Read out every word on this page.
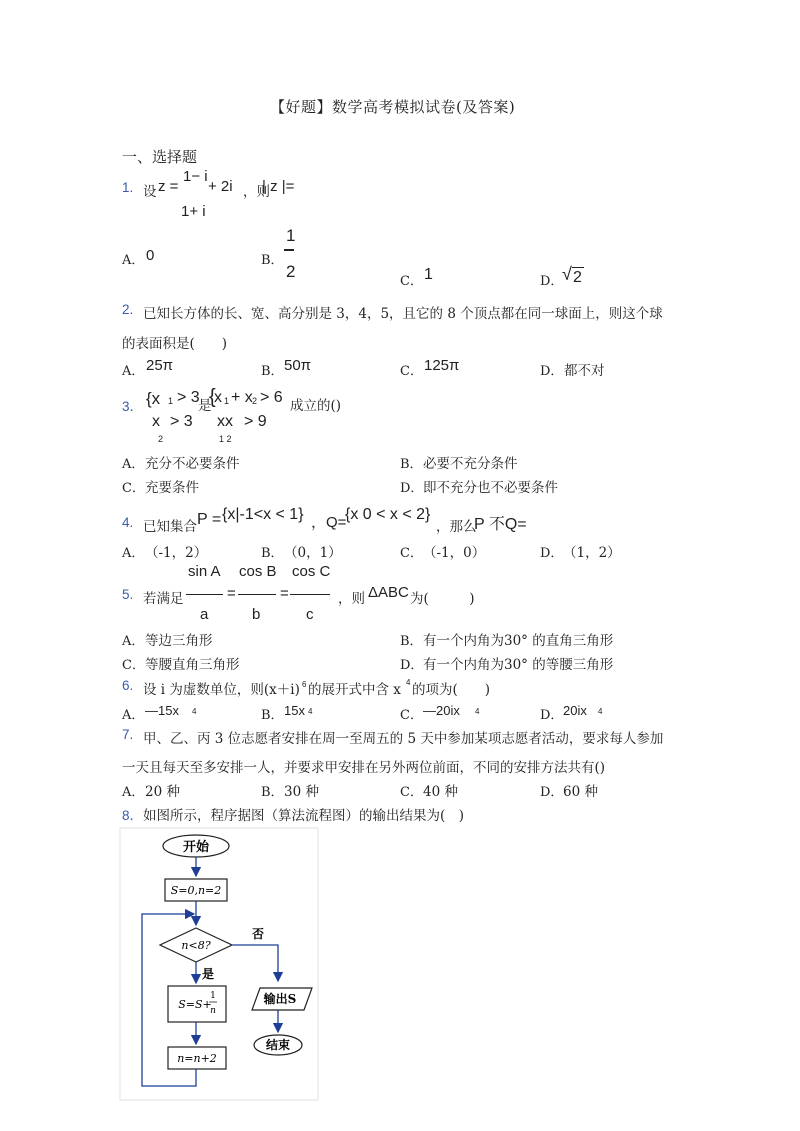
【好题】数学高考模拟试卷(及答案)
一、选择题
1. 设 z =
1− i
+ 2i ，则
| z |=
1+ i
A． 0	B．
1
2
C． 1	D．
√ 2
2. 已知长方体的长、宽、高分别是 3，4，5，且它的 8 个顶点都在同一球面上，则这个球
的表面积是(　　)
A． 25π	B． 50π	C． 125π	D． 都不对
3． {x 1 > 3
是
{
x 1 + x 2 > 6 成立的()
x > 3 xx > 9
2	1 2
A． 充分不必要条件	B． 必要不充分条件
C． 充要条件	D． 即不充分也不必要条件
4. 已知集合 P = {x|-1<x < 1} ，Q=
{x 0 < x < 2}
，那么
P 不Q=
A． （-1，2）	B． （0，1）	C． （-1，0）	D． （1，2）
sin A cos B cos C
5. 若满足	=	=	，则 ΔABC 为(　　　)
a	b	c
A． 等边三角形	B． 有一个内角为30° 的直角三角形
C． 等腰直角三角形	D． 有一个内角为30° 的等腰三角形
6. 设 i 为虚数单位，则(x＋i) 6 的展开式中含 x 4 的项为(　　)
A． —15x 4	B． 15x 4	C． —20ix 4	D． 20ix 4
7. 甲、乙、丙 3 位志愿者安排在周一至周五的 5 天中参加某项志愿者活动，要求每人参加
一天且每天至多安排一人，并要求甲安排在另外两位前面，不同的安排方法共有()
A． 20 种	B． 30 种	C． 40 种	D． 60 种
8． 如图所示，程序据图（算法流程图）的输出结果为(　)
开始
S=0,n=2
n<8?
否
是
S=S+
1
n
n=n+2
输出S
结束
